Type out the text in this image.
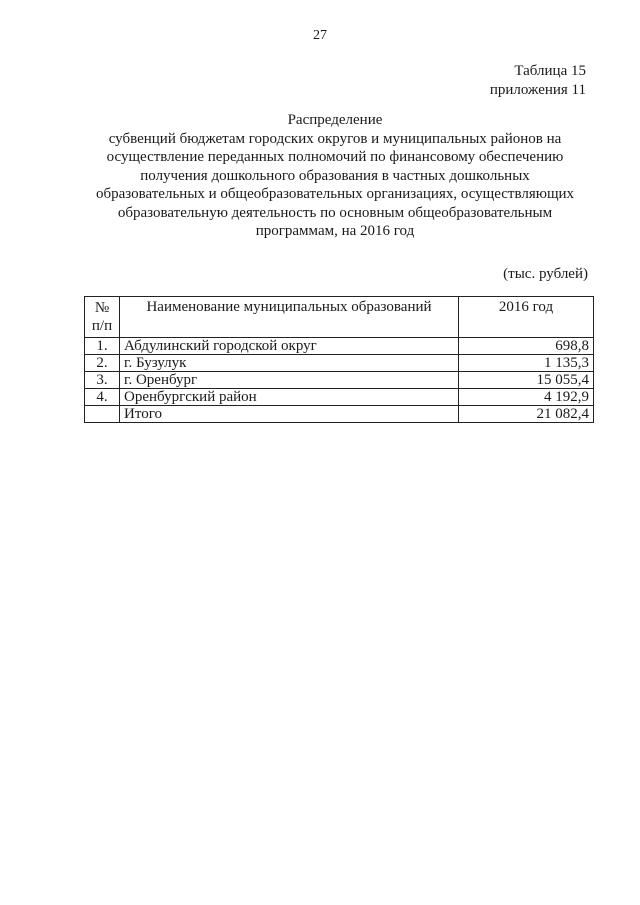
27
Таблица 15
приложения 11
Распределение
субвенций бюджетам городских округов и муниципальных районов на
осуществление переданных полномочий по финансовому обеспечению
получения дошкольного образования в частных дошкольных
образовательных и общеобразовательных организациях, осуществляющих
образовательную деятельность по основным общеобразовательным
программам, на 2016 год
(тыс. рублей)
№ п/п	Наименование муниципальных образований	2016 год
1.	Абдулинский городской округ	698,8
2.	г. Бузулук	1 135,3
3.	г. Оренбург	15 055,4
4.	Оренбургский район	4 192,9
	Итого	21 082,4
